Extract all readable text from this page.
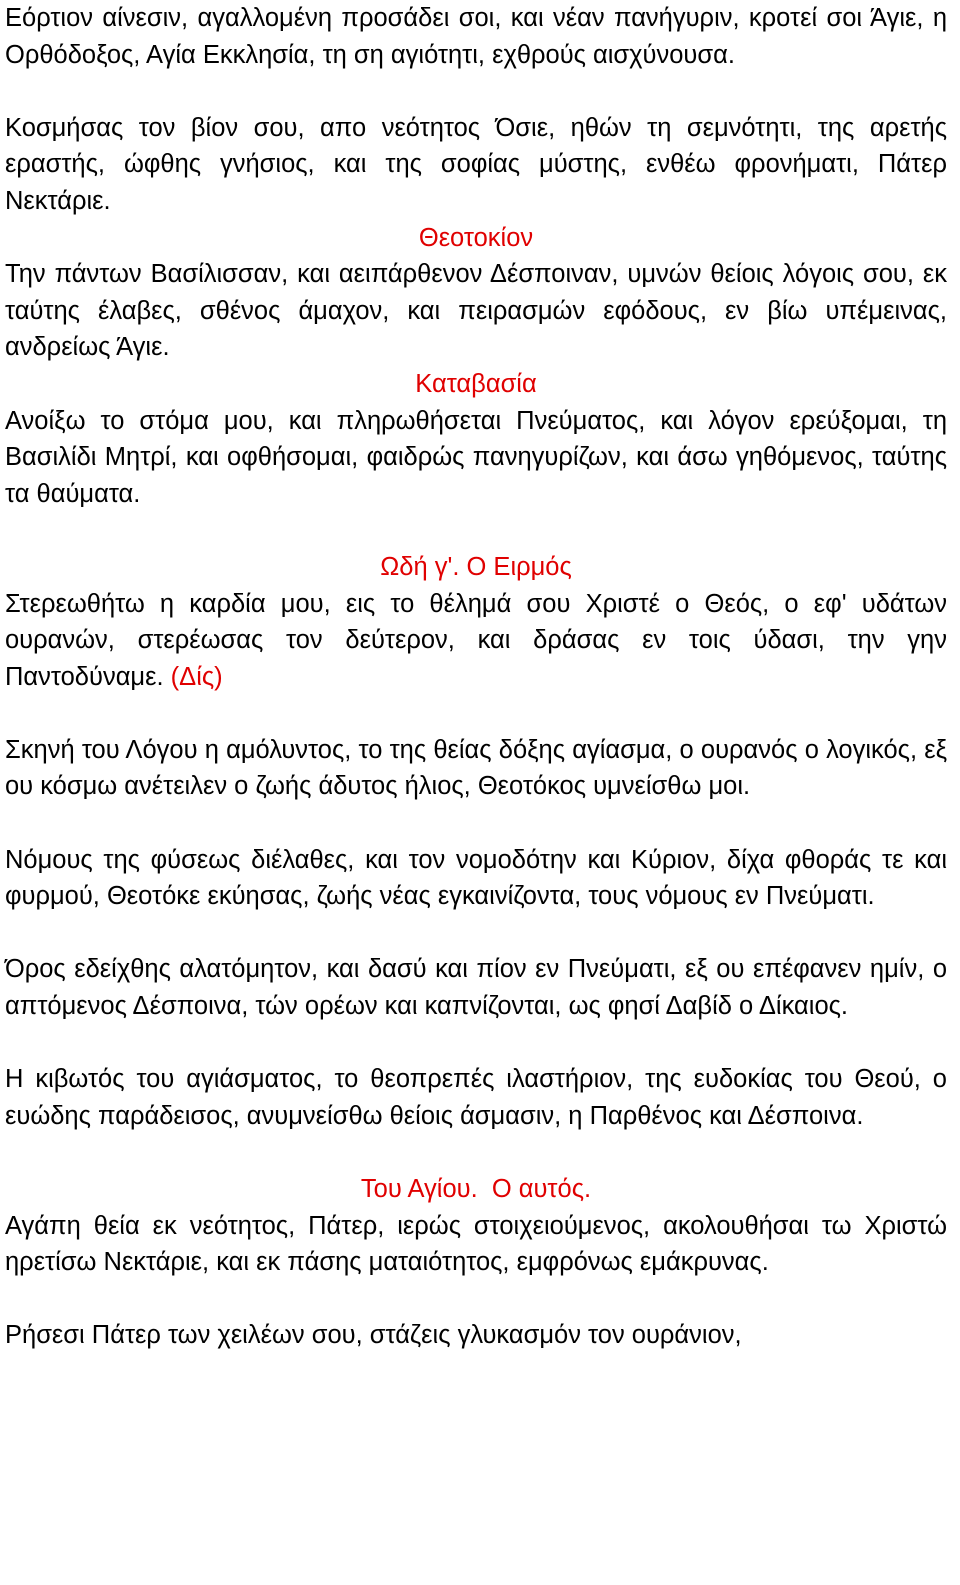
Εόρτιον αίνεσιν, αγαλλομένη προσάδει σοι, και νέαν πανήγυριν, κροτεί σοι Άγιε, η Ορθόδοξος, Αγία Εκκλησία, τη ση αγιότητι, εχθρούς αισχύνουσα.

Κοσμήσας τον βίον σου, απο νεότητος Όσιε, ηθών τη σεμνότητι, της αρετής εραστής, ώφθης γνήσιος, και της σοφίας μύστης, ενθέω φρονήματι, Πάτερ Νεκτάριε.

Θεοτοκίον

Την πάντων Βασίλισσαν, και αειπάρθενον Δέσποιναν, υμνών θείοις λόγοις σου, εκ ταύτης έλαβες, σθένος άμαχον, και πειρασμών εφόδους, εν βίω υπέμεινας, ανδρείως Άγιε.

Καταβασία

Ανοίξω το στόμα μου, και πληρωθήσεται Πνεύματος, και λόγον ερεύξομαι, τη Βασιλίδι Μητρί, και οφθήσομαι, φαιδρώς πανηγυρίζων, και άσω γηθόμενος, ταύτης τα θαύματα.

Ωδή γ'. Ο Ειρμός

Στερεωθήτω η καρδία μου, εις το θέλημά σου Χριστέ ο Θεός, ο εφ' υδάτων ουρανών, στερέωσας τον δεύτερον, και δράσας εν τοις ύδασι, την γην Παντοδύναμε. (Δίς)

Σκηνή του Λόγου η αμόλυντος, το της θείας δόξης αγίασμα, ο ουρανός ο λογικός, εξ ου κόσμω ανέτειλεν ο ζωής άδυτος ήλιος, Θεοτόκος υμνείσθω μοι.

Νόμους της φύσεως διέλαθες, και τον νομοδότην και Κύριον, δίχα φθοράς τε και φυρμού, Θεοτόκε εκύησας, ζωής νέας εγκαινίζοντα, τους νόμους εν Πνεύματι.

Όρος εδείχθης αλατόμητον, και δασύ και πίον εν Πνεύματι, εξ ου επέφανεν ημίν, ο απτόμενος Δέσποινα, τών ορέων και καπνίζονται, ως φησί Δαβίδ ο Δίκαιος.

Η κιβωτός του αγιάσματος, το θεοπρεπές ιλαστήριον, της ευδοκίας του Θεού, ο ευώδης παράδεισος, ανυμνείσθω θείοις άσμασιν, η Παρθένος και Δέσποινα.

Του Αγίου.  Ο αυτός.

Αγάπη θεία εκ νεότητος, Πάτερ, ιερώς στοιχειούμενος, ακολουθήσαι τω Χριστώ ηρετίσω Νεκτάριε, και εκ πάσης ματαιότητος, εμφρόνως εμάκρυνας.

Ρήσεσι Πάτερ των χειλέων σου, στάζεις γλυκασμόν τον ουράνιον,
